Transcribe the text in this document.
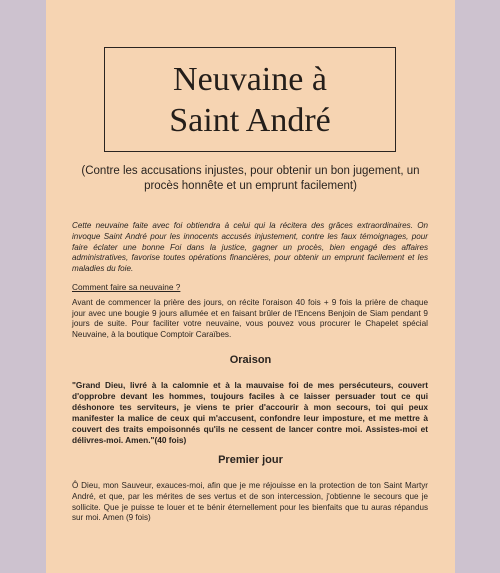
Neuvaine à
Saint André

(Contre les accusations injustes, pour obtenir un bon jugement, un procès honnête et un emprunt facilement)

Cette neuvaine faite avec foi obtiendra à celui qui la récitera des grâces extraordinaires. On invoque Saint André pour les innocents accusés injustement, contre les faux témoignages, pour faire éclater une bonne Foi dans la justice, gagner un procès, bien engagé des affaires administratives, favorise toutes opérations financières, pour obtenir un emprunt facilement et les maladies du foie.

Comment faire sa neuvaine ?

Avant de commencer la prière des jours, on récite l'oraison 40 fois + 9 fois la prière de chaque jour avec une bougie 9 jours allumée et en faisant brûler de l'Encens Benjoin de Siam pendant 9 jours de suite. Pour faciliter votre neuvaine, vous pouvez vous procurer le Chapelet spécial Neuvaine, à la boutique Comptoir Caraïbes.

Oraison

"Grand Dieu, livré à la calomnie et à la mauvaise foi de mes persécuteurs, couvert d'opprobre devant les hommes, toujours faciles à ce laisser persuader tout ce qui déshonore tes serviteurs, je viens te prier d'accourir à mon secours, toi qui peux manifester la malice de ceux qui m'accusent, confondre leur imposture, et me mettre à couvert des traits empoisonnés qu'ils ne cessent de lancer contre moi. Assistes-moi et délivres-moi. Amen."(40 fois)

Premier jour

Ô Dieu, mon Sauveur, exauces-moi, afin que je me réjouisse en la protection de ton Saint Martyr André, et que, par les mérites de ses vertus et de son intercession, j'obtienne le secours que je sollicite. Que je puisse te louer et te bénir éternellement pour les bienfaits que tu auras répandus sur moi. Amen (9 fois)
